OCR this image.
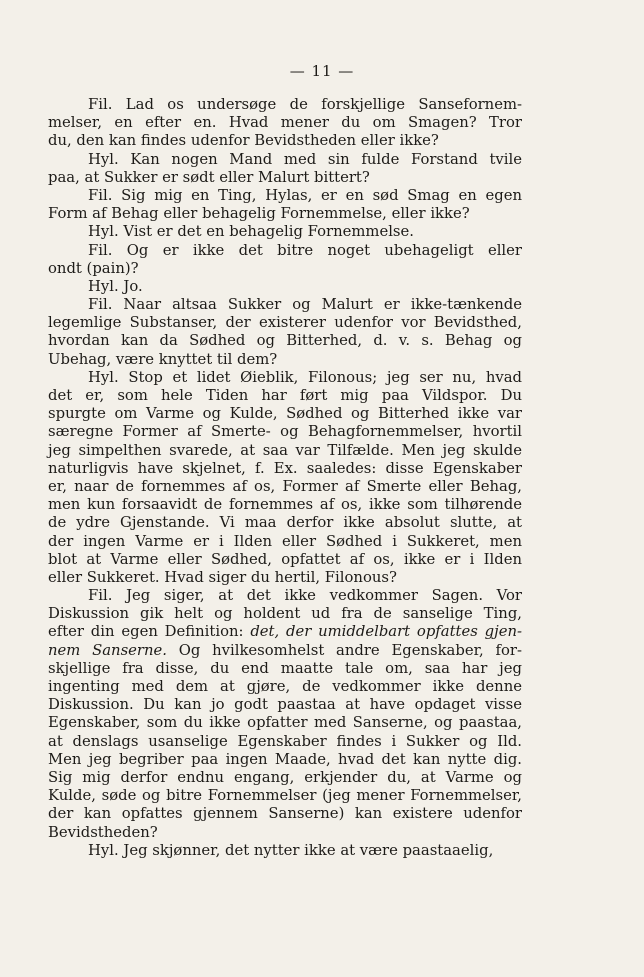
— 11 —
Fil. Lad os undersøge de forskjellige Sansefornem-
melser, en efter en. Hvad mener du om Smagen? Tror
du, den kan findes udenfor Bevidstheden eller ikke?
Hyl. Kan nogen Mand med sin fulde Forstand tvile
paa, at Sukker er sødt eller Malurt bittert?
Fil. Sig mig en Ting, Hylas, er en sød Smag en egen
Form af Behag eller behagelig Fornemmelse, eller ikke?
Hyl. Vist er det en behagelig Fornemmelse.
Fil. Og er ikke det bitre noget ubehageligt eller
ondt (pain)?
Hyl. Jo.
Fil. Naar altsaa Sukker og Malurt er ikke-tænkende
legemlige Substanser, der existerer udenfor vor Bevidsthed,
hvordan kan da Sødhed og Bitterhed, d. v. s. Behag og
Ubehag, være knyttet til dem?
Hyl. Stop et lidet Øieblik, Filonous; jeg ser nu, hvad
det er, som hele Tiden har ført mig paa Vildspor. Du
spurgte om Varme og Kulde, Sødhed og Bitterhed ikke var
særegne Former af Smerte- og Behagfornemmelser, hvortil
jeg simpelthen svarede, at saa var Tilfælde. Men jeg skulde
naturligvis have skjelnet, f. Ex. saaledes: disse Egenskaber
er, naar de fornemmes af os, Former af Smerte eller Behag,
men kun forsaavidt de fornemmes af os, ikke som tilhørende
de ydre Gjenstande. Vi maa derfor ikke absolut slutte, at
der ingen Varme er i Ilden eller Sødhed i Sukkeret, men
blot at Varme eller Sødhed, opfattet af os, ikke er i Ilden
eller Sukkeret. Hvad siger du hertil, Filonous?
Fil. Jeg siger, at det ikke vedkommer Sagen. Vor
Diskussion gik helt og holdent ud fra de sanselige Ting,
efter din egen Definition: det, der umiddelbart opfattes gjen-
nem Sanserne. Og hvilkesomhelst andre Egenskaber, for-
skjellige fra disse, du end maatte tale om, saa har jeg
ingenting med dem at gjøre, de vedkommer ikke denne
Diskussion. Du kan jo godt paastaa at have opdaget visse
Egenskaber, som du ikke opfatter med Sanserne, og paastaa,
at denslags usanselige Egenskaber findes i Sukker og Ild.
Men jeg begriber paa ingen Maade, hvad det kan nytte dig.
Sig mig derfor endnu engang, erkjender du, at Varme og
Kulde, søde og bitre Fornemmelser (jeg mener Fornemmelser,
der kan opfattes gjennem Sanserne) kan existere udenfor
Bevidstheden?
Hyl. Jeg skjønner, det nytter ikke at være paastaaelig,
